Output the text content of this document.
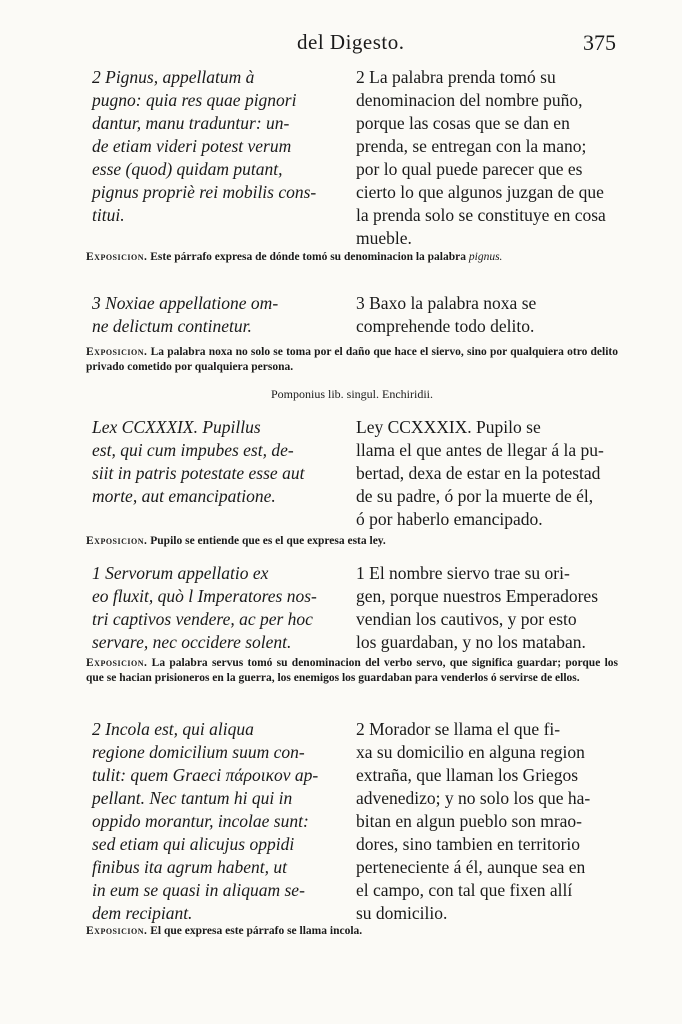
del Digesto.	375
2 Pignus, appellatum à
pugno: quia res quae pignori
dantur, manu traduntur: un-
de etiam videri potest verum
esse (quod) quidam putant,
pignus propriè rei mobilis cons-
titui.
2 La palabra prenda tomó su
denominacion del nombre puño,
porque las cosas que se dan en
prenda, se entregan con la mano;
por lo qual puede parecer que es
cierto lo que algunos juzgan de que
la prenda solo se constituye en cosa
mueble.
Exposicion. Este párrafo expresa de dónde tomó su denominacion la palabra pignus.
3 Noxiae appellatione om-
ne delictum continetur.
3 Baxo la palabra noxa se
comprehende todo delito.
Exposicion. La palabra noxa no solo se toma por el daño que hace el siervo, sino por qualquiera otro delito privado cometido por qualquiera persona.
Pomponius lib. singul. Enchiridii.
Lex CCXXXIX. Pupillus
est, qui cum impubes est, de-
siit in patris potestate esse aut
morte, aut emancipatione.
Ley CCXXXIX. Pupilo se
llama el que antes de llegar á la pu-
bertad, dexa de estar en la potestad
de su padre, ó por la muerte de él,
ó por haberlo emancipado.
Exposicion. Pupilo se entiende que es el que expresa esta ley.
1 Servorum appellatio ex
eo fluxit, quò l Imperatores nos-
tri captivos vendere, ac per hoc
servare, nec occidere solent.
1 El nombre siervo trae su ori-
gen, porque nuestros Emperadores
vendian los cautivos, y por esto
los guardaban, y no los mataban.
Exposicion. La palabra servus tomó su denominacion del verbo servo, que significa guardar; porque los que se hacian prisioneros en la guerra, los enemigos los guardaban para venderlos ó servirse de ellos.
2 Incola est, qui aliqua
regione domicilium suum con-
tulit: quem Graeci πάροικον ap-
pellant. Nec tantum hi qui in
oppido morantur, incolae sunt:
sed etiam qui alicujus oppidi
finibus ita agrum habent, ut
in eum se quasi in aliquam se-
dem recipiant.
2 Morador se llama el que fi-
xa su domicilio en alguna region
extraña, que llaman los Griegos
advenedizo; y no solo los que ha-
bitan en algun pueblo son mrao-
dores, sino tambien en territorio
perteneciente á él, aunque sea en
el campo, con tal que fixen allí
su domicilio.
Exposicion. El que expresa este párrafo se llama incola.
